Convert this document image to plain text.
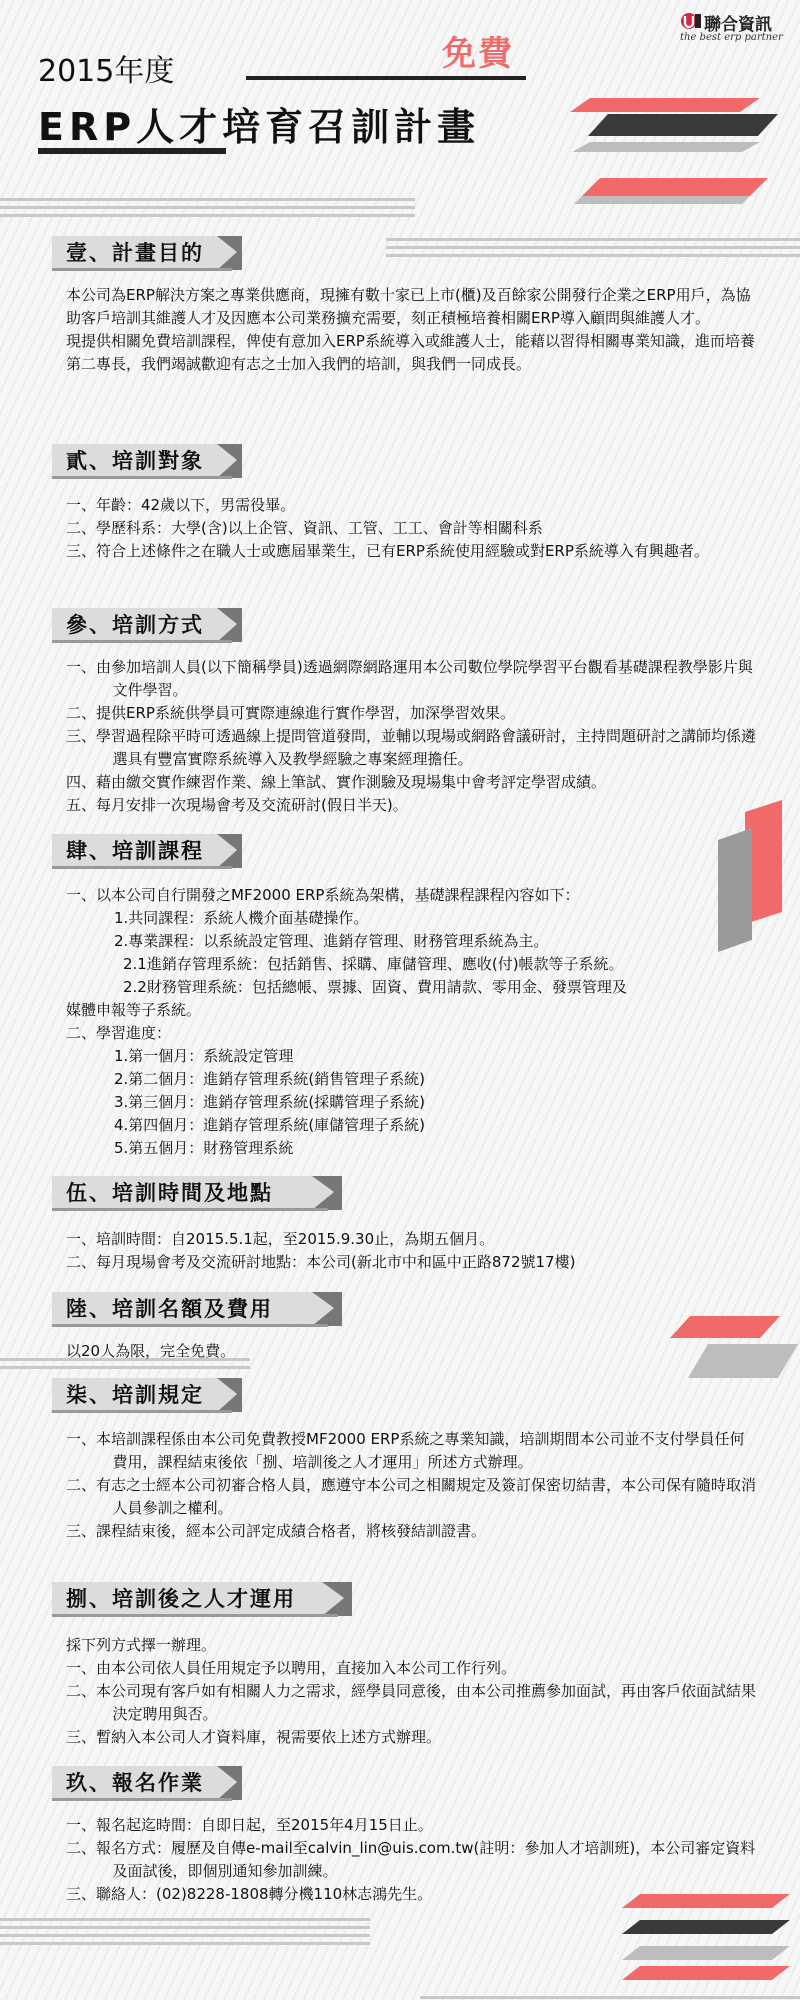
聯合資訊
the best erp partner
2015年度	免費
ERP人才培育召訓計畫
壹、計畫目的

本公司為ERP解決方案之專業供應商，現擁有數十家已上市(櫃)及百餘家公開發行企業之ERP用戶，為協助客戶培訓其維護人才及因應本公司業務擴充需要，刻正積極培養相關ERP導入顧問與維護人才。

現提供相關免費培訓課程，俾使有意加入ERP系統導入或維護人士，能藉以習得相關專業知識，進而培養第二專長，我們竭誠歡迎有志之士加入我們的培訓，與我們一同成長。

貳、培訓對象

一、年齡：42歲以下，男需役畢。

二、學歷科系：大學(含)以上企管、資訊、工管、工工、會計等相關科系

三、符合上述條件之在職人士或應屆畢業生，已有ERP系統使用經驗或對ERP系統導入有興趣者。

參、培訓方式

一、由參加培訓人員(以下簡稱學員)透過網際網路運用本公司數位學院學習平台觀看基礎課程教學影片與文件學習。

二、提供ERP系統供學員可實際連線進行實作學習，加深學習效果。

三、學習過程除平時可透過線上提問管道發問，並輔以現場或網路會議研討，主持問題研討之講師均係遴選具有豐富實際系統導入及教學經驗之專案經理擔任。

四、藉由繳交實作練習作業、線上筆試、實作測驗及現場集中會考評定學習成績。

五、每月安排一次現場會考及交流研討(假日半天)。

肆、培訓課程

一、以本公司自行開發之MF2000 ERP系統為架構，基礎課程課程內容如下：

1.共同課程：系統人機介面基礎操作。

2.專業課程：以系統設定管理、進銷存管理、財務管理系統為主。

2.1進銷存管理系統：包括銷售、採購、庫儲管理、應收(付)帳款等子系統。

2.2財務管理系統：包括總帳、票據、固資、費用請款、零用金、發票管理及

媒體申報等子系統。

二、學習進度：

1.第一個月：系統設定管理

2.第二個月：進銷存管理系統(銷售管理子系統)

3.第三個月：進銷存管理系統(採購管理子系統)

4.第四個月：進銷存管理系統(庫儲管理子系統)

5.第五個月：財務管理系統

伍、培訓時間及地點

一、培訓時間：自2015.5.1起，至2015.9.30止，為期五個月。

二、每月現場會考及交流研討地點：本公司(新北市中和區中正路872號17樓)

陸、培訓名額及費用

以20人為限，完全免費。

柒、培訓規定

一、本培訓課程係由本公司免費教授MF2000 ERP系統之專業知識，培訓期間本公司並不支付學員任何費用，課程結束後依「捌、培訓後之人才運用」所述方式辦理。

二、有志之士經本公司初審合格人員，應遵守本公司之相關規定及簽訂保密切結書，本公司保有隨時取消人員參訓之權利。

三、課程結束後，經本公司評定成績合格者，將核發結訓證書。

捌、培訓後之人才運用

採下列方式擇一辦理。

一、由本公司依人員任用規定予以聘用，直接加入本公司工作行列。

二、本公司現有客戶如有相關人力之需求，經學員同意後，由本公司推薦參加面試，再由客戶依面試結果決定聘用與否。

三、暫納入本公司人才資料庫，視需要依上述方式辦理。

玖、報名作業

一、報名起迄時間：自即日起，至2015年4月15日止。

二、報名方式：履歷及自傳e-mail至calvin_lin@uis.com.tw(註明：參加人才培訓班)，本公司審定資料及面試後，即個別通知參加訓練。

三、聯絡人：(02)8228-1808轉分機110林志鴻先生。
